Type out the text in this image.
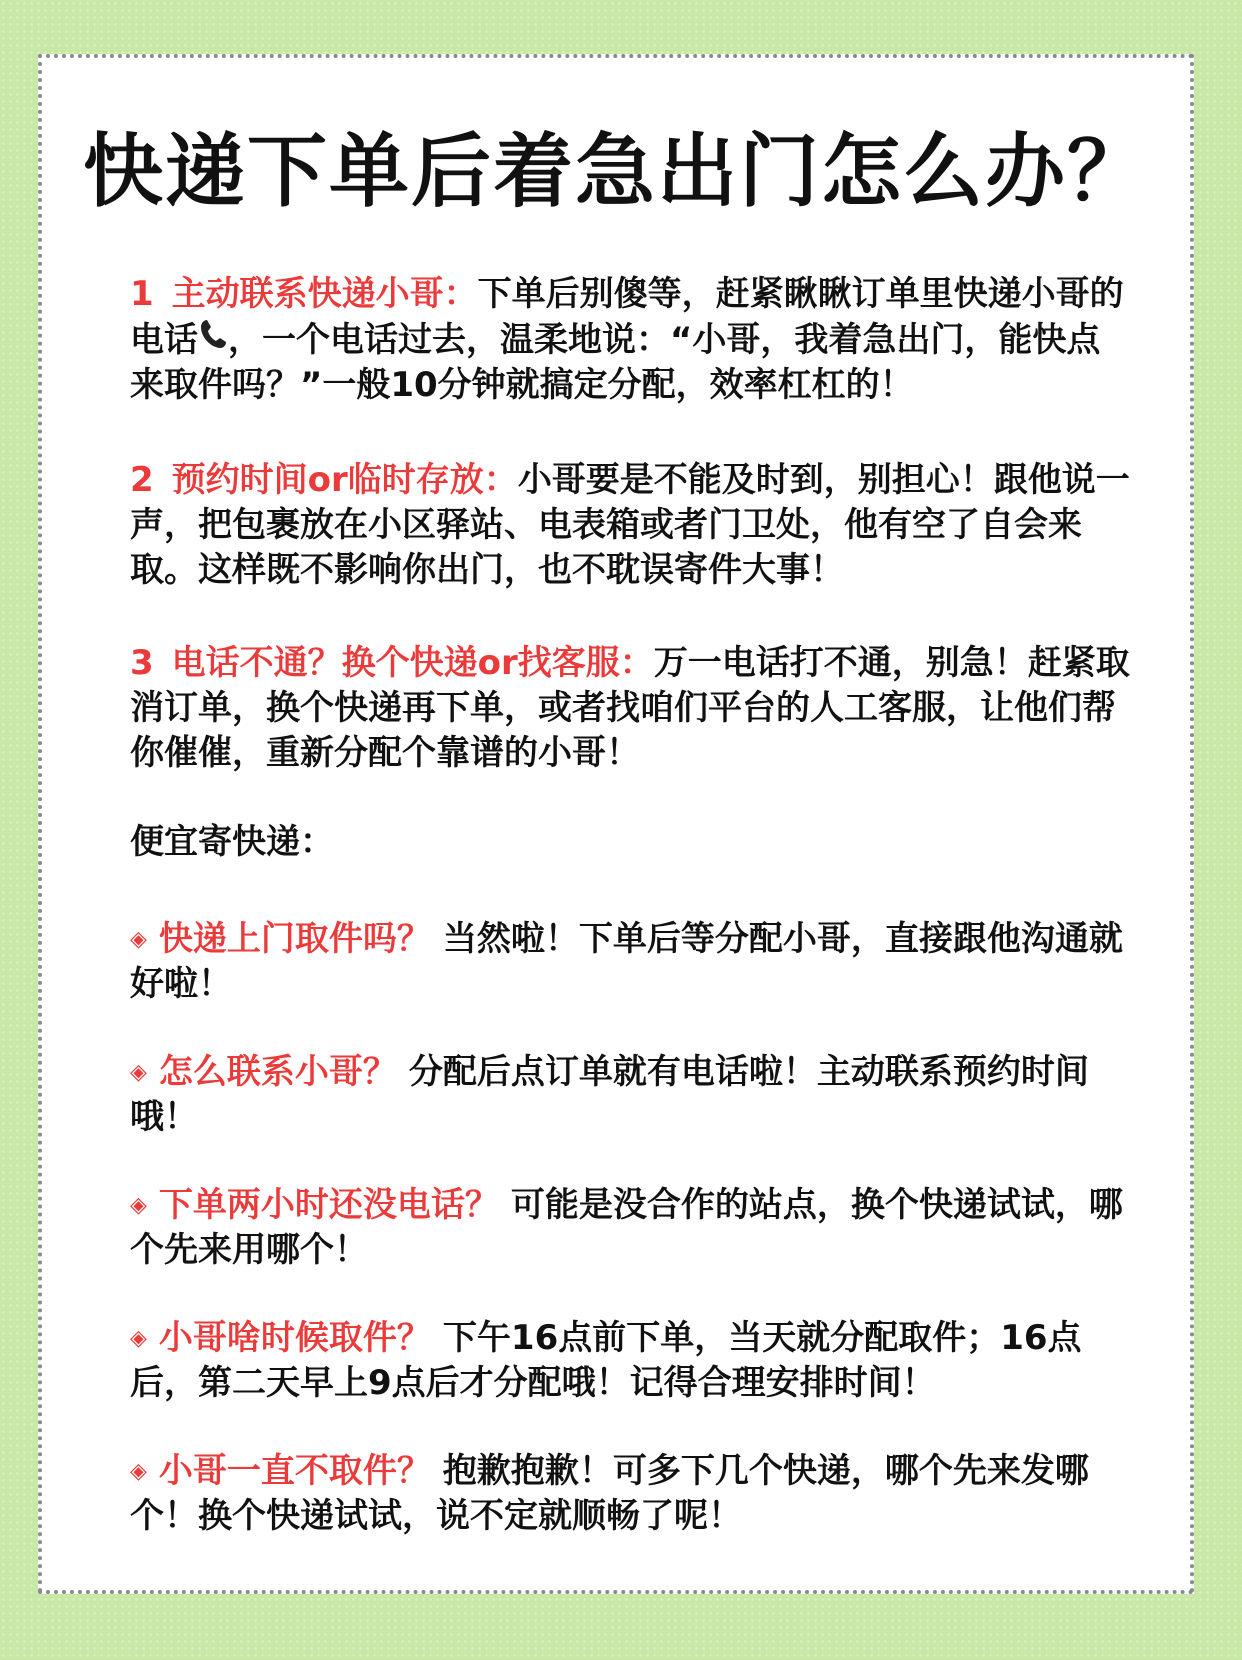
快递下单后着急出门怎么办？

1 主动联系快递小哥：下单后别傻等，赶紧瞅瞅订单里快递小哥的电话 ，一个电话过去，温柔地说：“小哥，我着急出门，能快点来取件吗？”一般10分钟就搞定分配，效率杠杠的！

2 预约时间or临时存放：小哥要是不能及时到，别担心！跟他说一声，把包裹放在小区驿站、电表箱或者门卫处，他有空了自会来取。这样既不影响你出门，也不耽误寄件大事！

3 电话不通？换个快递or找客服：万一电话打不通，别急！赶紧取消订单，换个快递再下单，或者找咱们平台的人工客服，让他们帮你催催，重新分配个靠谱的小哥！

便宜寄快递：

◈ 快递上门取件吗？ 当然啦！下单后等分配小哥，直接跟他沟通就好啦！

◈ 怎么联系小哥？ 分配后点订单就有电话啦！主动联系预约时间哦！

◈ 下单两小时还没电话？ 可能是没合作的站点，换个快递试试，哪个先来用哪个！

◈ 小哥啥时候取件？ 下午16点前下单，当天就分配取件；16点后，第二天早上9点后才分配哦！记得合理安排时间！

◈ 小哥一直不取件？ 抱歉抱歉！可多下几个快递，哪个先来发哪个！换个快递试试，说不定就顺畅了呢！
